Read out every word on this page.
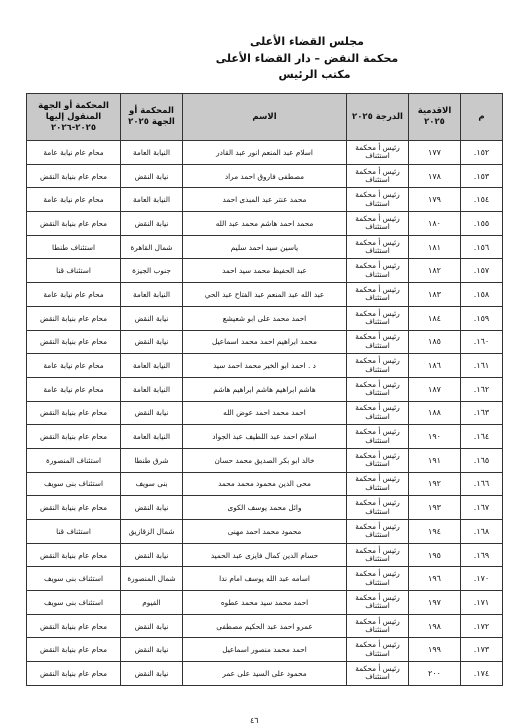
مجلس القضاء الأعلى
محكمة النقض – دار القضاء الأعلى
مكتب الرئيس
م	الاقدمية ٢٠٢٥	الدرجة ٢٠٢٥	الاسم	المحكمة أو الجهة ٢٠٢٥	المحكمة أو الجهة المنقول إليها ٢٠٢٥-٢٠٢٦
١٥٢.	١٧٧	رئيس أ محكمة استئناف	اسلام عبد المنعم انور عبد القادر	النيابة العامة	محام عام نيابة عامة
١٥٣.	١٧٨	رئيس أ محكمة استئناف	مصطفى فاروق احمد مراد	نيابة النقض	محام عام بنيابة النقض
١٥٤.	١٧٩	رئيس أ محكمة استئناف	محمد عنتر عبد المبدى احمد	النيابة العامة	محام عام نيابة عامة
١٥٥.	١٨٠	رئيس أ محكمة استئناف	محمد احمد هاشم محمد عبد الله	نيابة النقض	محام عام بنيابة النقض
١٥٦.	١٨١	رئيس أ محكمة استئناف	ياسين سيد احمد سليم	شمال القاهرة	استئناف طنطا
١٥٧.	١٨٢	رئيس أ محكمة استئناف	عبد الحفيظ محمد سيد احمد	جنوب الجيزة	استئناف قنا
١٥٨.	١٨٣	رئيس أ محكمة استئناف	عبد الله عبد المنعم عبد الفتاح عبد الحي	النيابة العامة	محام عام نيابة عامة
١٥٩.	١٨٤	رئيس أ محكمة استئناف	احمد محمد على ابو شعيشع	نيابة النقض	محام عام بنيابة النقض
١٦٠.	١٨٥	رئيس أ محكمة استئناف	محمد ابراهيم احمد محمد اسماعيل	نيابة النقض	محام عام بنيابة النقض
١٦١.	١٨٦	رئيس أ محكمة استئناف	د . احمد ابو الخير محمد احمد سيد	النيابة العامة	محام عام نيابة عامة
١٦٢.	١٨٧	رئيس أ محكمة استئناف	هاشم ابراهيم هاشم ابراهيم هاشم	النيابة العامة	محام عام نيابة عامة
١٦٣.	١٨٨	رئيس أ محكمة استئناف	احمد محمد احمد عوض الله	نيابة النقض	محام عام بنيابة النقض
١٦٤.	١٩٠	رئيس أ محكمة استئناف	اسلام احمد عبد اللطيف عبد الجواد	النيابة العامة	محام عام بنيابة النقض
١٦٥.	١٩١	رئيس أ محكمة استئناف	خالد ابو بكر الصديق محمد حسان	شرق طنطا	استئناف المنصورة
١٦٦.	١٩٢	رئيس أ محكمة استئناف	محى الدين محمود محمد محمد	بنى سويف	استئناف بنى سويف
١٦٧.	١٩٣	رئيس أ محكمة استئناف	وائل محمد يوسف الكوى	نيابة النقض	محام عام بنيابة النقض
١٦٨.	١٩٤	رئيس أ محكمة استئناف	محمود محمد احمد مهنى	شمال الزقازيق	استئناف قنا
١٦٩.	١٩٥	رئيس أ محكمة استئناف	حسام الدين كمال فايزى عبد الحميد	نيابة النقض	محام عام بنيابة النقض
١٧٠.	١٩٦	رئيس أ محكمة استئناف	اسامه عبد الله يوسف امام ندا	شمال المنصورة	استئناف بنى سويف
١٧١.	١٩٧	رئيس أ محكمة استئناف	احمد محمد سيد محمد عطوه	الفيوم	استئناف بنى سويف
١٧٢.	١٩٨	رئيس أ محكمة استئناف	عمرو احمد عبد الحكيم مصطفى	نيابة النقض	محام عام بنيابة النقض
١٧٣.	١٩٩	رئيس أ محكمة استئناف	احمد محمد منصور اسماعيل	نيابة النقض	محام عام بنيابة النقض
١٧٤.	٢٠٠	رئيس أ محكمة استئناف	محمود على السيد على عمر	نيابة النقض	محام عام بنيابة النقض
٤٦
